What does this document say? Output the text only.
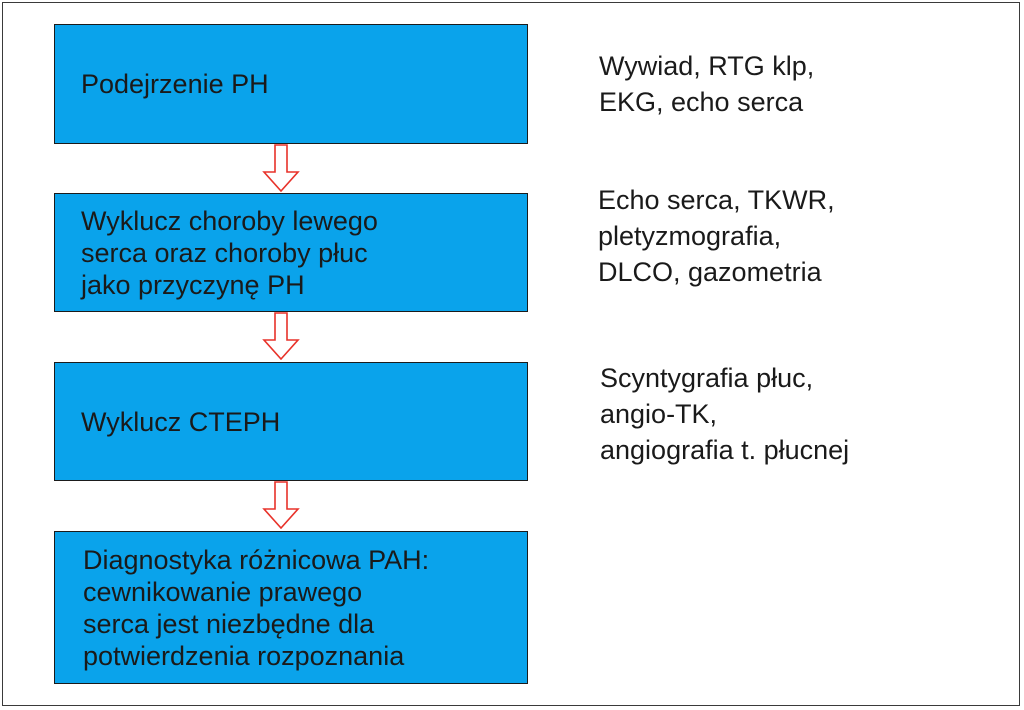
Podejrzenie PH
Wyklucz choroby lewego
serca oraz choroby płuc
jako przyczynę PH
Wyklucz CTEPH
Diagnostyka różnicowa PAH:
cewnikowanie prawego
serca jest niezbędne dla
potwierdzenia rozpoznania
Wywiad, RTG klp,
EKG, echo serca
Echo serca, TKWR,
pletyzmografia,
DLCO, gazometria
Scyntygrafia płuc,
angio-TK,
angiografia t. płucnej
